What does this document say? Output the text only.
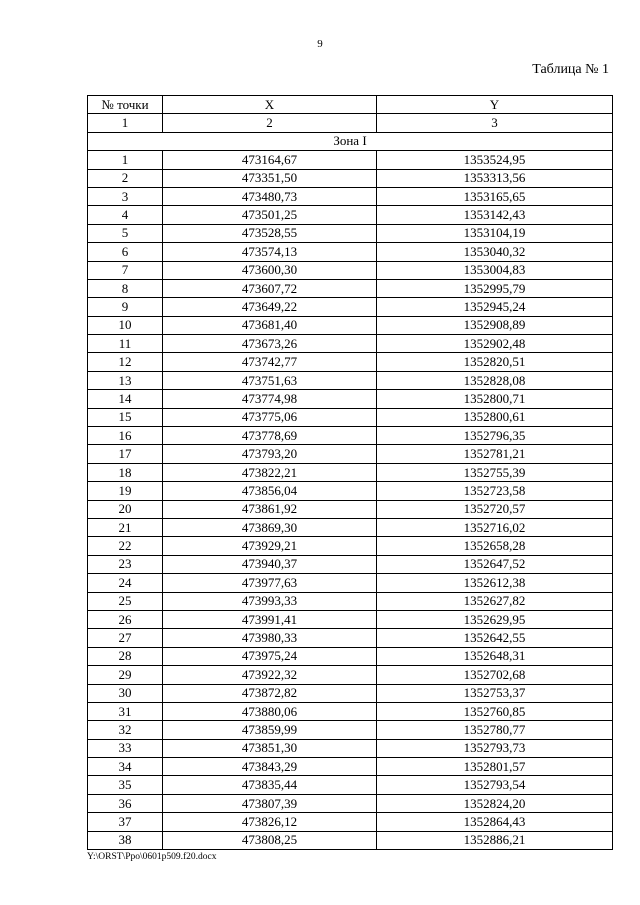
9
Таблица № 1
№ точки	X	Y
1	2	3
Зона I		
1	473164,67	1353524,95
2	473351,50	1353313,56
3	473480,73	1353165,65
4	473501,25	1353142,43
5	473528,55	1353104,19
6	473574,13	1353040,32
7	473600,30	1353004,83
8	473607,72	1352995,79
9	473649,22	1352945,24
10	473681,40	1352908,89
11	473673,26	1352902,48
12	473742,77	1352820,51
13	473751,63	1352828,08
14	473774,98	1352800,71
15	473775,06	1352800,61
16	473778,69	1352796,35
17	473793,20	1352781,21
18	473822,21	1352755,39
19	473856,04	1352723,58
20	473861,92	1352720,57
21	473869,30	1352716,02
22	473929,21	1352658,28
23	473940,37	1352647,52
24	473977,63	1352612,38
25	473993,33	1352627,82
26	473991,41	1352629,95
27	473980,33	1352642,55
28	473975,24	1352648,31
29	473922,32	1352702,68
30	473872,82	1352753,37
31	473880,06	1352760,85
32	473859,99	1352780,77
33	473851,30	1352793,73
34	473843,29	1352801,57
35	473835,44	1352793,54
36	473807,39	1352824,20
37	473826,12	1352864,43
38	473808,25	1352886,21
Y:\ORST\Ppo\0601p509.f20.docx
